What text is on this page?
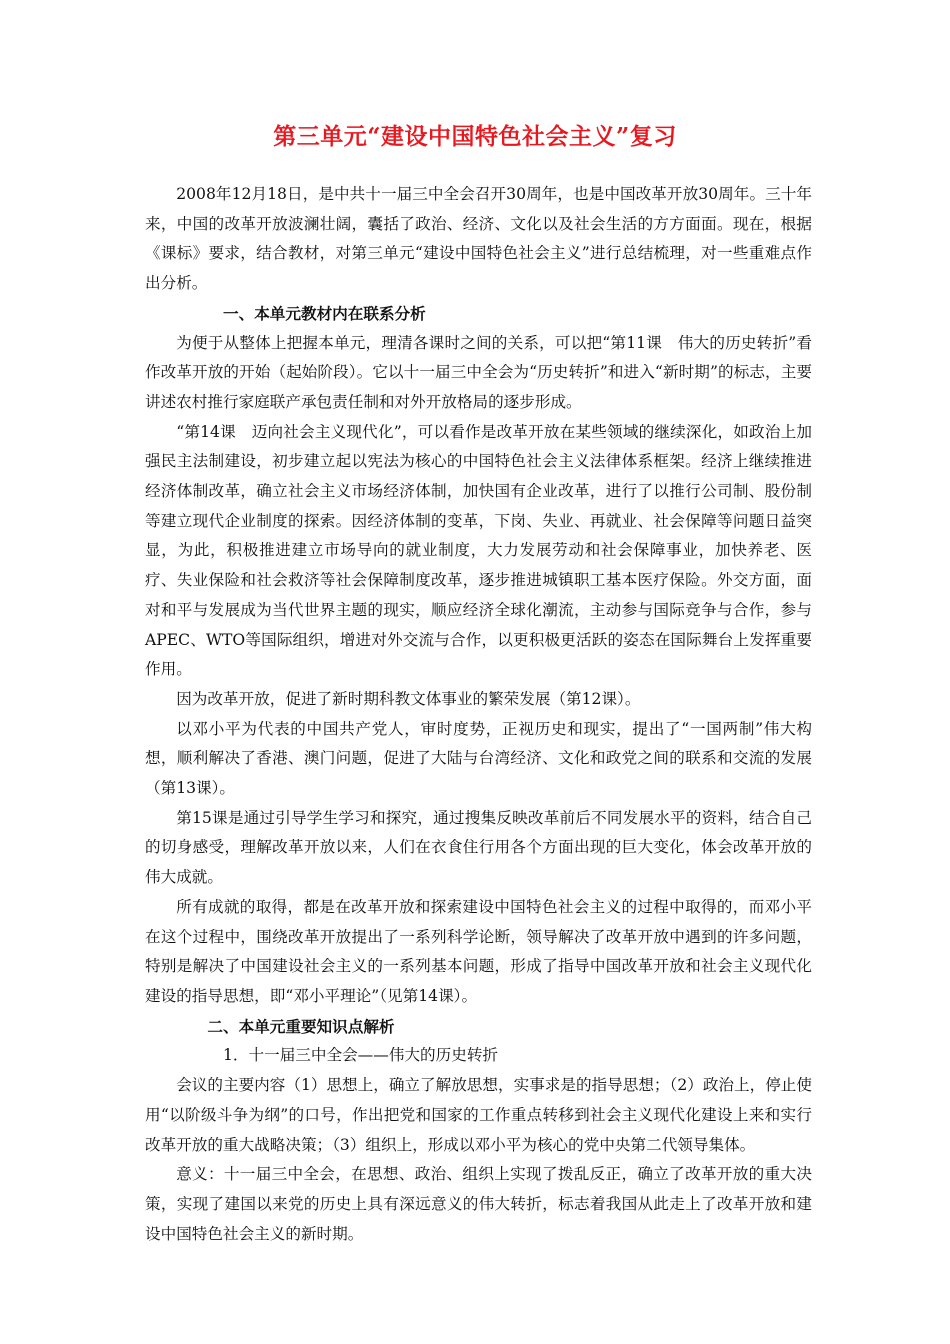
第三单元“建设中国特色社会主义”复习

2008年12月18日，是中共十一届三中全会召开30周年，也是中国改革开放30周年。三十年来，中国的改革开放波澜壮阔，囊括了政治、经济、文化以及社会生活的方方面面。现在，根据《课标》要求，结合教材，对第三单元“建设中国特色社会主义”进行总结梳理，对一些重难点作出分析。

一、本单元教材内在联系分析

为便于从整体上把握本单元，理清各课时之间的关系，可以把“第11课　伟大的历史转折”看作改革开放的开始（起始阶段）。它以十一届三中全会为“历史转折”和进入“新时期”的标志，主要讲述农村推行家庭联产承包责任制和对外开放格局的逐步形成。

“第14课　迈向社会主义现代化”，可以看作是改革开放在某些领域的继续深化，如政治上加强民主法制建设，初步建立起以宪法为核心的中国特色社会主义法律体系框架。经济上继续推进经济体制改革，确立社会主义市场经济体制，加快国有企业改革，进行了以推行公司制、股份制等建立现代企业制度的探索。因经济体制的变革，下岗、失业、再就业、社会保障等问题日益突显，为此，积极推进建立市场导向的就业制度，大力发展劳动和社会保障事业，加快养老、医疗、失业保险和社会救济等社会保障制度改革，逐步推进城镇职工基本医疗保险。外交方面，面对和平与发展成为当代世界主题的现实，顺应经济全球化潮流，主动参与国际竞争与合作，参与APEC、WTO等国际组织，增进对外交流与合作，以更积极更活跃的姿态在国际舞台上发挥重要作用。

因为改革开放，促进了新时期科教文体事业的繁荣发展（第12课）。

以邓小平为代表的中国共产党人，审时度势，正视历史和现实，提出了“一国两制”伟大构想，顺利解决了香港、澳门问题，促进了大陆与台湾经济、文化和政党之间的联系和交流的发展（第13课）。

第15课是通过引导学生学习和探究，通过搜集反映改革前后不同发展水平的资料，结合自己的切身感受，理解改革开放以来，人们在衣食住行用各个方面出现的巨大变化，体会改革开放的伟大成就。

所有成就的取得，都是在改革开放和探索建设中国特色社会主义的过程中取得的，而邓小平在这个过程中，围绕改革开放提出了一系列科学论断，领导解决了改革开放中遇到的许多问题，特别是解决了中国建设社会主义的一系列基本问题，形成了指导中国改革开放和社会主义现代化建设的指导思想，即“邓小平理论”（见第14课）。

二、本单元重要知识点解析

1．十一届三中全会——伟大的历史转折

会议的主要内容（1）思想上，确立了解放思想，实事求是的指导思想；（2）政治上，停止使用“以阶级斗争为纲”的口号，作出把党和国家的工作重点转移到社会主义现代化建设上来和实行改革开放的重大战略决策；（3）组织上，形成以邓小平为核心的党中央第二代领导集体。

意义：十一届三中全会，在思想、政治、组织上实现了拨乱反正，确立了改革开放的重大决策，实现了建国以来党的历史上具有深远意义的伟大转折，标志着我国从此走上了改革开放和建设中国特色社会主义的新时期。
